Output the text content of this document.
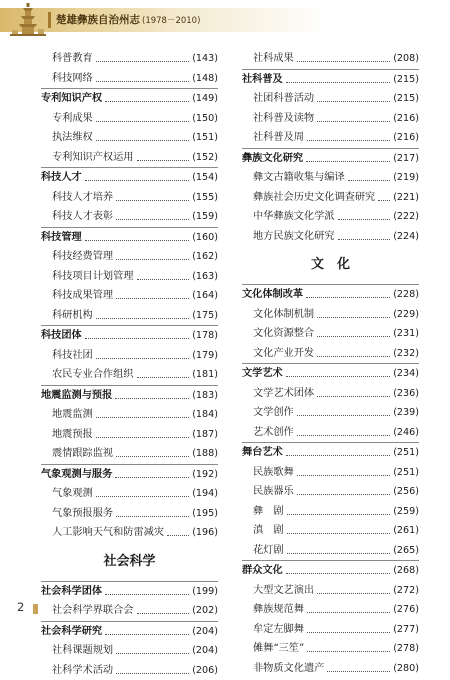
楚雄彝族自治州志 (1978－2010)
科普教育	(143)
科技网络	(148)
专利知识产权	(149)
专利成果	(150)
执法维权	(151)
专利知识产权运用	(152)
科技人才	(154)
科技人才培养	(155)
科技人才表彰	(159)
科技管理	(160)
科技经费管理	(162)
科技项目计划管理	(163)
科技成果管理	(164)
科研机构	(175)
科技团体	(178)
科技社团	(179)
农民专业合作组织	(181)
地震监测与预报	(183)
地震监测	(184)
地震预报	(187)
震情跟踪监视	(188)
气象观测与服务	(192)
气象观测	(194)
气象预报服务	(195)
人工影响天气和防雷减灾	(196)
社会科学
社会科学团体	(199)
社会科学界联合会	(202)
社会科学研究	(204)
社科课题规划	(204)
社科学术活动	(206)
社科成果	(208)
社科普及	(215)
社团科普活动	(215)
社科普及读物	(216)
社科普及周	(216)
彝族文化研究	(217)
彝文古籍收集与编译	(219)
彝族社会历史文化调查研究 (221)
中华彝族文化学派	(222)
地方民族文化研究	(224)
文　化
文化体制改革	(228)
文化体制机制	(229)
文化资源整合	(231)
文化产业开发	(232)
文学艺术	(234)
文学艺术团体	(236)
文学创作	(239)
艺术创作	(246)
舞台艺术	(251)
民族歌舞	(251)
民族器乐	(256)
彝　剧	(259)
滇　剧	(261)
花灯剧	(265)
群众文化	(268)
大型文艺演出	(272)
彝族规范舞	(276)
牟定左脚舞	(277)
傩舞“三笙”	(278)
非物质文化遗产	(280)
2
